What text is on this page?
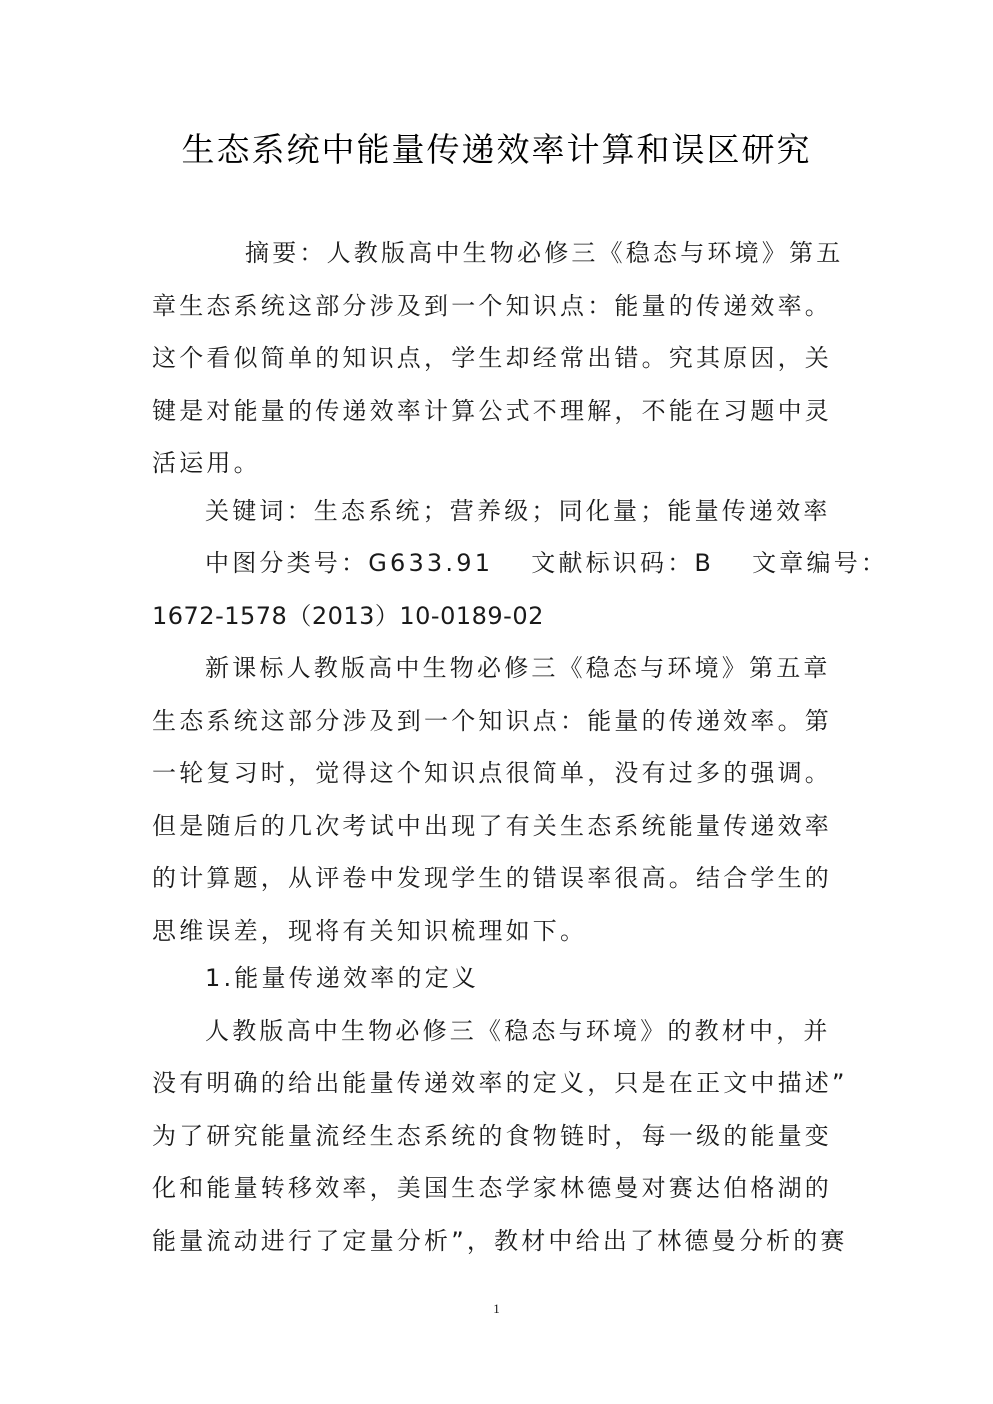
生态系统中能量传递效率计算和误区研究
摘要：人教版高中生物必修三《稳态与环境》第五
章生态系统这部分涉及到一个知识点：能量的传递效率。
这个看似简单的知识点，学生却经常出错。究其原因，关
键是对能量的传递效率计算公式不理解，不能在习题中灵
活运用。
关键词：生态系统；营养级；同化量；能量传递效率
中图分类号：G633.91　 文献标识码：B　 文章编号：
1672-1578（2013）10-0189-02
新课标人教版高中生物必修三《稳态与环境》第五章
生态系统这部分涉及到一个知识点：能量的传递效率。第
一轮复习时，觉得这个知识点很简单，没有过多的强调。
但是随后的几次考试中出现了有关生态系统能量传递效率
的计算题，从评卷中发现学生的错误率很高。结合学生的
思维误差，现将有关知识梳理如下。
1.能量传递效率的定义
人教版高中生物必修三《稳态与环境》的教材中，并
没有明确的给出能量传递效率的定义，只是在正文中描述”
为了研究能量流经生态系统的食物链时，每一级的能量变
化和能量转移效率，美国生态学家林德曼对赛达伯格湖的
能量流动进行了定量分析”，教材中给出了林德曼分析的赛
1
